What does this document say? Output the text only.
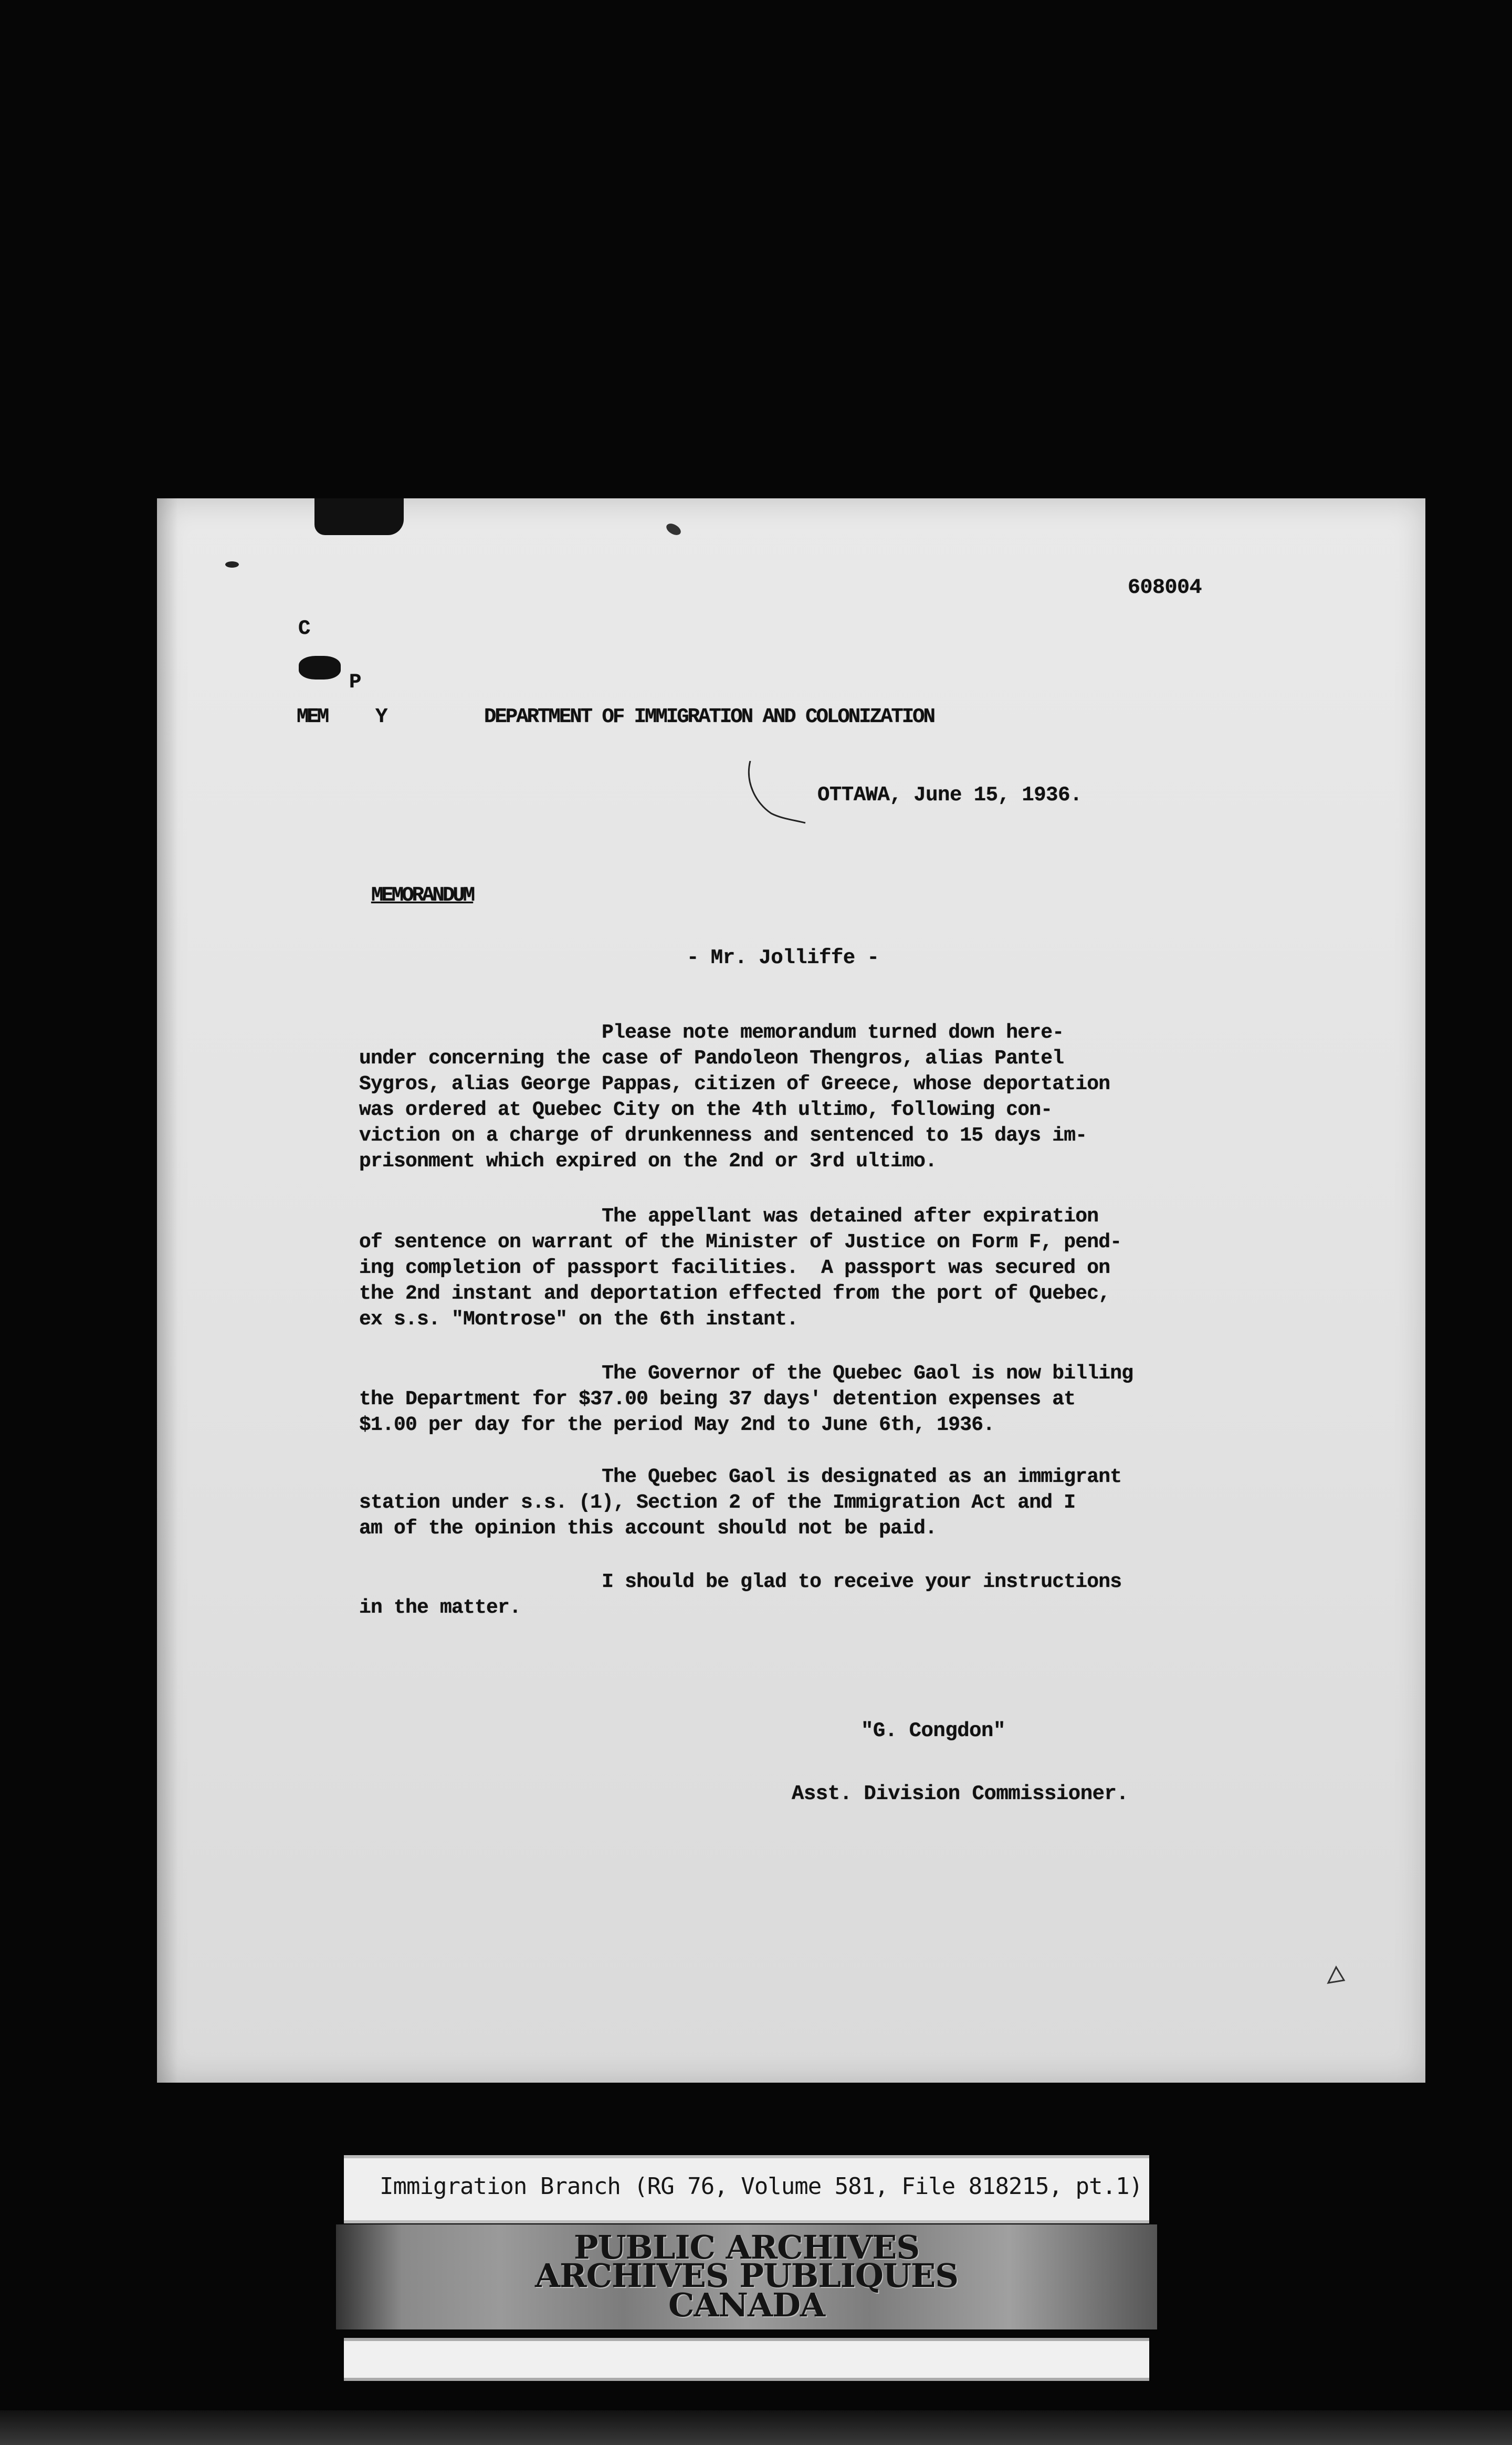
608004
C
P
MEM Y	DEPARTMENT OF IMMIGRATION AND COLONIZATION
OTTAWA, June 15, 1936.
MEMORANDUM
- Mr. Jolliffe -
Please note memorandum turned down here-
under concerning the case of Pandoleon Thengros, alias Pantel
Sygros, alias George Pappas, citizen of Greece, whose deportation
was ordered at Quebec City on the 4th ultimo, following con-
viction on a charge of drunkenness and sentenced to 15 days im-
prisonment which expired on the 2nd or 3rd ultimo.
The appellant was detained after expiration
of sentence on warrant of the Minister of Justice on Form F, pend-
ing completion of passport facilities.  A passport was secured on
the 2nd instant and deportation effected from the port of Quebec,
ex s.s. "Montrose" on the 6th instant.
The Governor of the Quebec Gaol is now billing
the Department for $37.00 being 37 days' detention expenses at
$1.00 per day for the period May 2nd to June 6th, 1936.
The Quebec Gaol is designated as an immigrant
station under s.s. (1), Section 2 of the Immigration Act and I
am of the opinion this account should not be paid.
I should be glad to receive your instructions
in the matter.
"G. Congdon"
Asst. Division Commissioner.
Immigration Branch (RG 76, Volume 581, File 818215, pt.1)
PUBLIC ARCHIVES
ARCHIVES PUBLIQUES
CANADA
